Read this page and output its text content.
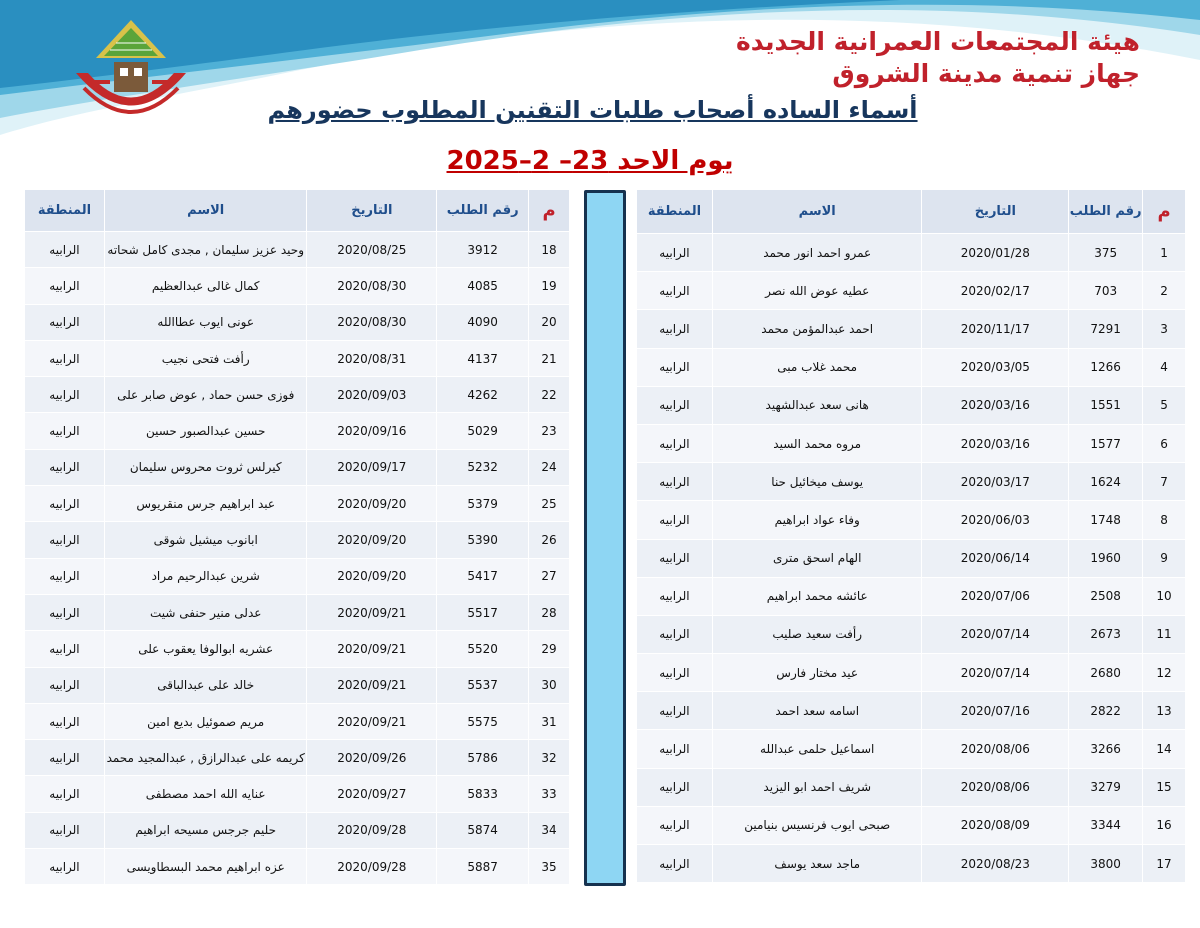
هيئة المجتمعات العمرانية الجديدة
جهاز تنمية مدينة الشروق
أسماء الساده أصحاب طلبات التقنين المطلوب حضورهم
يوم الاحد 23– 2–2025
م	رقم الطلب	التاريخ	الاسم	المنطقة
18	3912	2020/08/25	وحيد عزيز سليمان , مجدى كامل شحاته	الرابيه
19	4085	2020/08/30	كمال غالى عبدالعظيم	الرابيه
20	4090	2020/08/30	عونى ايوب عطاالله	الرابيه
21	4137	2020/08/31	رأفت فتحى نجيب	الرابيه
22	4262	2020/09/03	فوزى حسن حماد , عوض صابر على	الرابيه
23	5029	2020/09/16	حسين عبدالصبور حسين	الرابيه
24	5232	2020/09/17	كيرلس ثروت محروس سليمان	الرابيه
25	5379	2020/09/20	عبد ابراهيم جرس منقريوس	الرابيه
26	5390	2020/09/20	ابانوب ميشيل شوقى	الرابيه
27	5417	2020/09/20	شرين عبدالرحيم مراد	الرابيه
28	5517	2020/09/21	عدلى منير حنفى شيت	الرابيه
29	5520	2020/09/21	عشريه ابوالوفا يعقوب على	الرابيه
30	5537	2020/09/21	خالد على عبدالباقى	الرابيه
31	5575	2020/09/21	مريم صموئيل بديع امين	الرابيه
32	5786	2020/09/26	كريمه على عبدالرازق , عبدالمجيد محمد	الرابيه
33	5833	2020/09/27	عنايه الله احمد مصطفى	الرابيه
34	5874	2020/09/28	حليم جرجس مسيحه ابراهيم	الرابيه
35	5887	2020/09/28	عزه ابراهيم محمد البسطاويسى	الرابيه
م	رقم الطلب	التاريخ	الاسم	المنطقة
1	375	2020/01/28	عمرو احمد انور محمد	الرابيه
2	703	2020/02/17	عطيه عوض الله نصر	الرابيه
3	7291	2020/11/17	احمد عبدالمؤمن محمد	الرابيه
4	1266	2020/03/05	محمد غلاب مبى	الرابيه
5	1551	2020/03/16	هانى سعد عبدالشهيد	الرابيه
6	1577	2020/03/16	مروه محمد السيد	الرابيه
7	1624	2020/03/17	يوسف ميخائيل حنا	الرابيه
8	1748	2020/06/03	وفاء عواد ابراهيم	الرابيه
9	1960	2020/06/14	الهام اسحق مترى	الرابيه
10	2508	2020/07/06	عائشه محمد ابراهيم	الرابيه
11	2673	2020/07/14	رأفت سعيد صليب	الرابيه
12	2680	2020/07/14	عيد مختار فارس	الرابيه
13	2822	2020/07/16	اسامه سعد احمد	الرابيه
14	3266	2020/08/06	اسماعيل حلمى عبدالله	الرابيه
15	3279	2020/08/06	شريف احمد ابو اليزيد	الرابيه
16	3344	2020/08/09	صبحى ايوب فرنسيس بنيامين	الرابيه
17	3800	2020/08/23	ماجد سعد يوسف	الرابيه
